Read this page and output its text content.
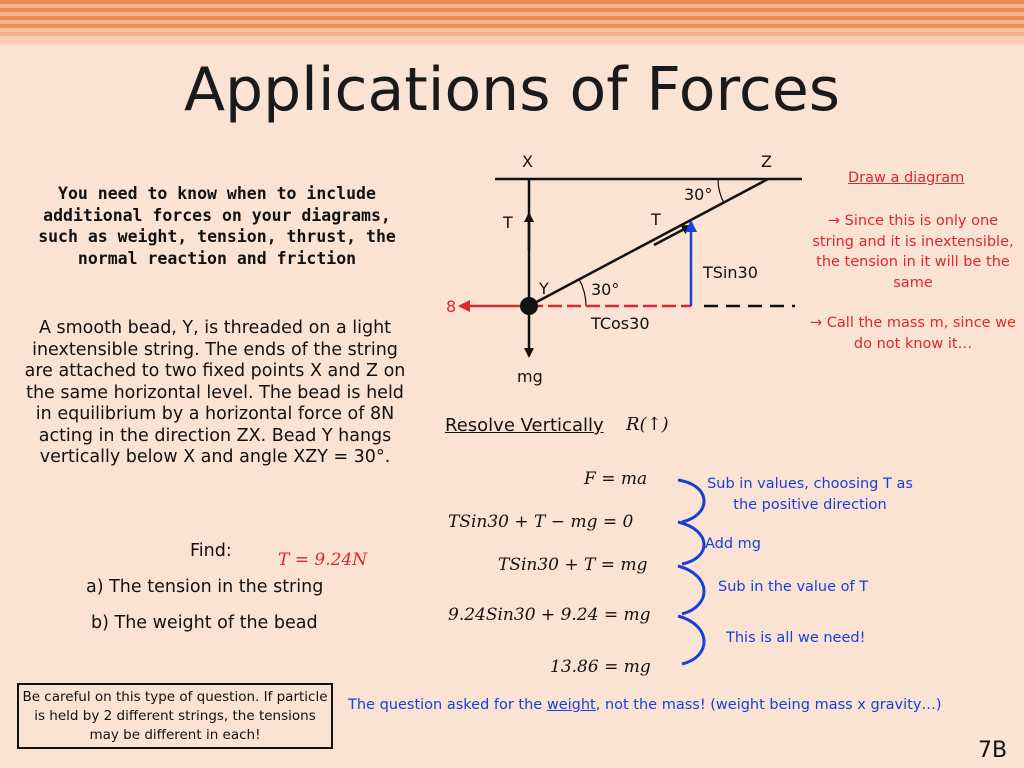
Applications of Forces
You need to know when to include additional forces on your diagrams, such as weight, tension, thrust, the normal reaction and friction
A smooth bead, Y, is threaded on a light inextensible string. The ends of the string are attached to two fixed points X and Z on the same horizontal level. The bead is held in equilibrium by a horizontal force of 8N acting in the direction ZX. Bead Y hangs vertically below X and angle XZY = 30°.
Find:	T = 9.24N
a) The tension in the string
b) The weight of the bead
X	Z
30°
T	T
TSin30
Y	30°
8
TCos30
mg
Draw a diagram
→ Since this is only one string and it is inextensible, the tension in it will be the same
→ Call the mass m, since we do not know it…
Resolve Vertically R(↑)
F = ma
TSin30 + T − mg = 0
TSin30 + T = mg
9.24Sin30 + 9.24 = mg
13.86 = mg
Sub in values, choosing T as the positive direction
Add mg
Sub in the value of T
This is all we need!
Be careful on this type of question. If particle is held by 2 different strings, the tensions may be different in each!
The question asked for the weight, not the mass! (weight being mass x gravity…)
7B
